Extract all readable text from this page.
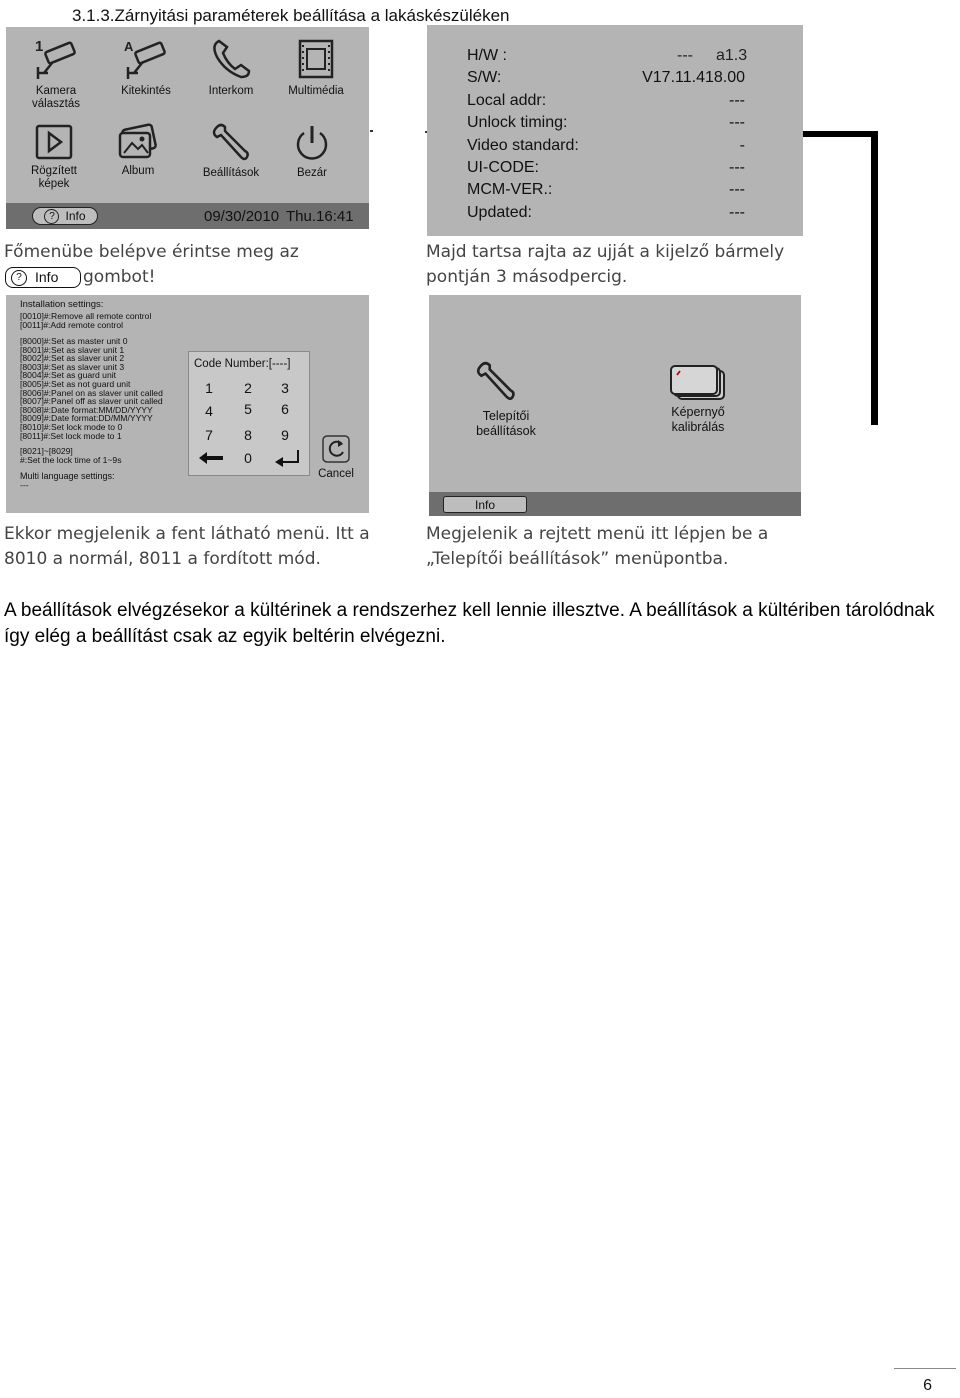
3.1.3.Zárnyitási paraméterek beállítása a lakáskészüléken
1
Kamera választás
A
Kitekintés	Interkom	Multimédia
Rögzített képek
Album	Beállítások	Bezár
? Info	09/30/2010 Thu.16:41
H/W :	--- a1.3
S/W:	V17.11.418.00
Local addr:	---
Unlock timing:	---
Video standard:	-
UI-CODE:	---
MCM-VER.:	---
Updated:	---
Főmenübe belépve érintse meg az
? Info gombot!
Majd tartsa rajta az ujját a kijelző bármely pontján 3 másodpercig.
Installation settings:
[0010]#:Remove all remote control
[0011]#:Add remote control
[8000]#:Set as master unit 0
[8001]#:Set as slaver unit 1
[8002]#:Set as slaver unit 2
[8003]#:Set as slaver unit 3
[8004]#:Set as guard unit
[8005]#:Set as not guard unit
[8006]#:Panel on as slaver unit called
[8007]#:Panel off as slaver unit called
[8008]#:Date format:MM/DD/YYYY
[8009]#:Date format:DD/MM/YYYY
[8010]#:Set lock mode to 0
[8011]#:Set lock mode to 1
[8021]~[8029]
#:Set the lock time of 1~9s
Multi language settings:
---
Code Number:[----]
1	2	3
4	5	6
7	8	9
0
Cancel
Telepítői beállítások
Képernyő kalibrálás
Info
Ekkor megjelenik a fent látható menü. Itt a 8010 a normál, 8011 a fordított mód.
Megjelenik a rejtett menü itt lépjen be a „Telepítői beállítások” menüpontba.
A beállítások elvégzésekor a kültérinek a rendszerhez kell lennie illesztve. A beállítások a kültériben tárolódnak így elég a beállítást csak az egyik beltérin elvégezni.
6
